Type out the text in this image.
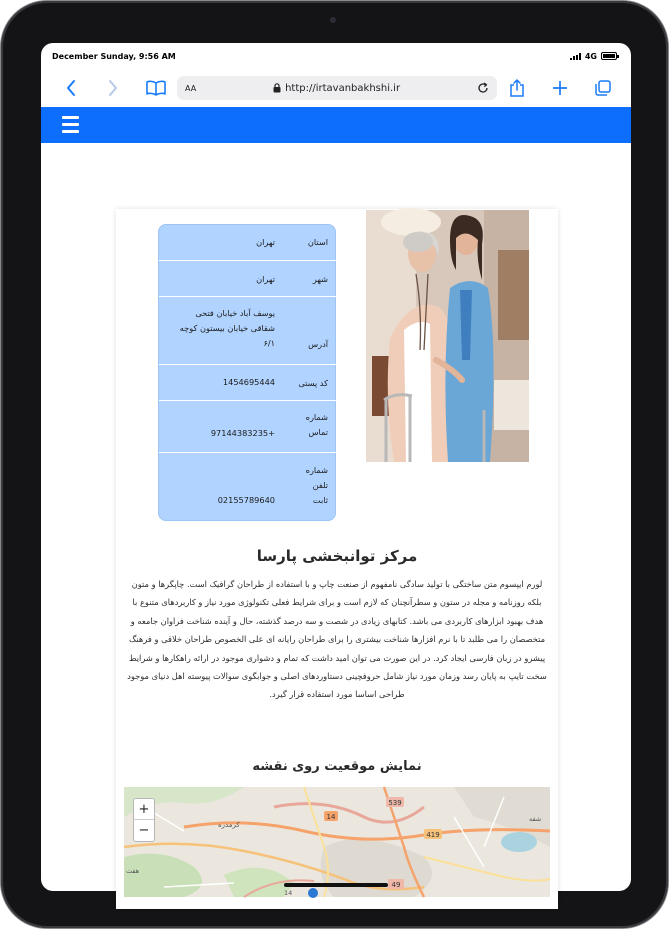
December Sunday, 9:56 AM	4G
AA	http://irtavanbakhshi.ir
استان
تهران
شهر
تهران
آدرس
یوسف آباد خیابان فتحی شقاقی خیابان بیستون کوچه ۶/۱
کد پستی
1454695444
شماره تماس
+97144383235
شماره تلفن ثابت
02155789640
مرکز توانبخشی پارسا
لورم ایپسوم متن ساختگی با تولید سادگی نامفهوم از صنعت چاپ و با استفاده از طراحان گرافیک است. چاپگرها و متون بلکه روزنامه و مجله در ستون و سطرآنچنان که لازم است و برای شرایط فعلی تکنولوژی مورد نیاز و کاربردهای متنوع با هدف بهبود ابزارهای کاربردی می باشد. کتابهای زیادی در شصت و سه درصد گذشته، حال و آینده شناخت فراوان جامعه و متخصصان را می طلبد تا با نرم افزارها شناخت بیشتری را برای طراحان رایانه ای علی الخصوص طراحان خلاقی و فرهنگ پیشرو در زبان فارسی ایجاد کرد. در این صورت می توان امید داشت که تمام و دشواری موجود در ارائه راهکارها و شرایط سخت تایپ به پایان رسد وزمان مورد نیاز شامل حروفچینی دستاوردهای اصلی و جوابگوی سوالات پیوسته اهل دنیای موجود طراحی اساسا مورد استفاده قرار گیرد.
نمایش موقعیت روی نقشه
539
14
419
49
کرمدره
شفه
هفت
14
+
−
